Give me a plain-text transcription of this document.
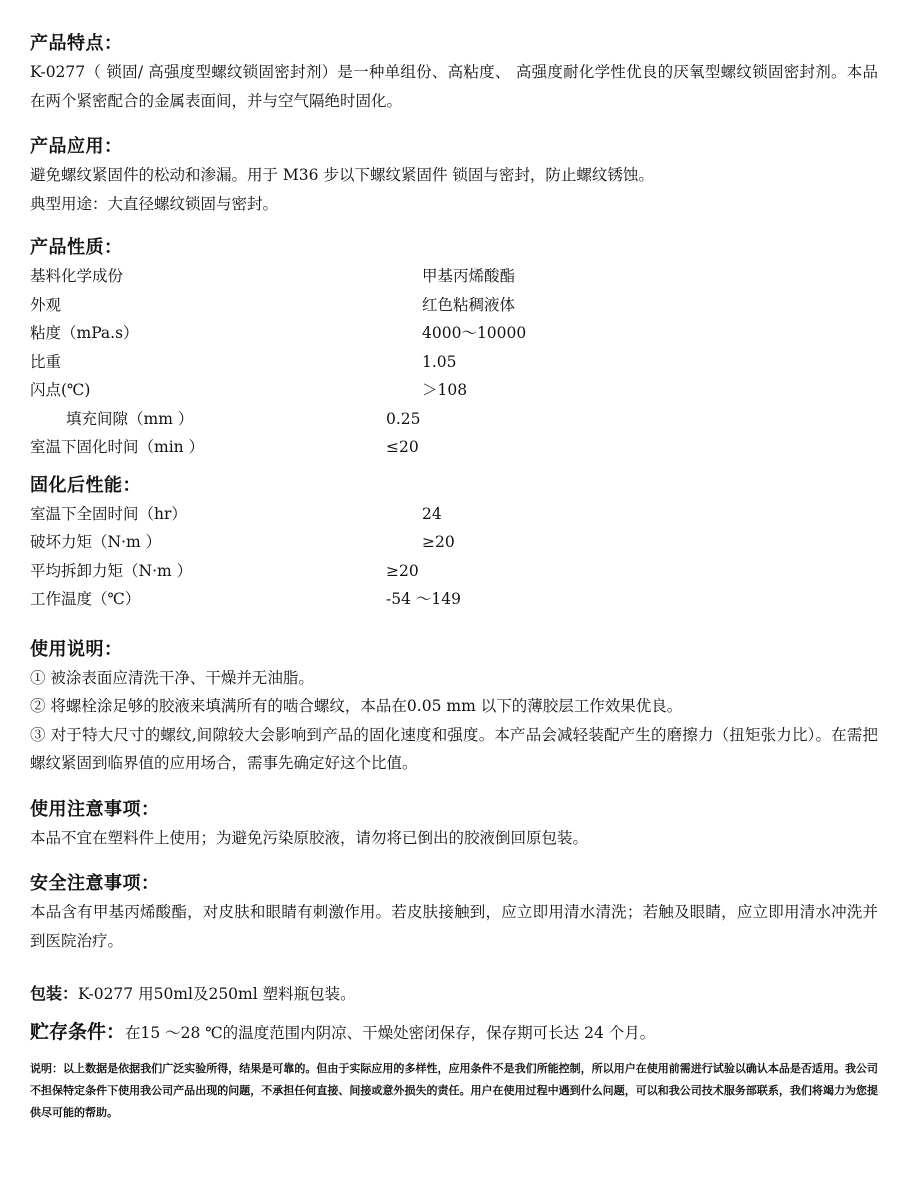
产品特点：

K-0277（ 锁固/ 高强度型螺纹锁固密封剂）是一种单组份、高粘度、 高强度耐化学性优良的厌氧型螺纹锁固密封剂。本品在两个紧密配合的金属表面间，并与空气隔绝时固化。

产品应用：

避免螺纹紧固件的松动和渗漏。用于 M36 步以下螺纹紧固件 锁固与密封，防止螺纹锈蚀。

典型用途：大直径螺纹锁固与密封。

产品性质：

基料化学成份	甲基丙烯酸酯
外观	红色粘稠液体
粘度（mPa.s）	4000～10000
比重	1.05
闪点(℃)	＞108
填充间隙（mm ）	0.25
室温下固化时间（min ）	≤20

固化后性能：

室温下全固时间（hr）	24
破坏力矩（N·m ）	≥20
平均拆卸力矩（N·m ）	≥20
工作温度（℃）	-54 ～149

使用说明：

① 被涂表面应清洗干净、干燥并无油脂。

② 将螺栓涂足够的胶液来填满所有的啮合螺纹，本品在0.05 mm 以下的薄胶层工作效果优良。

③ 对于特大尺寸的螺纹,间隙较大会影响到产品的固化速度和强度。本产品会减轻装配产生的磨擦力（扭矩张力比）。在需把螺纹紧固到临界值的应用场合，需事先确定好这个比值。

使用注意事项：

本品不宜在塑料件上使用；为避免污染原胶液，请勿将已倒出的胶液倒回原包装。

安全注意事项：

本品含有甲基丙烯酸酯，对皮肤和眼睛有刺激作用。若皮肤接触到，应立即用清水清洗；若触及眼睛，应立即用清水冲洗并到医院治疗。

包装：K-0277 用50ml及250ml 塑料瓶包装。

贮存条件：在15 ～28 ℃的温度范围内阴凉、干燥处密闭保存，保存期可长达 24 个月。

说明：以上数据是依据我们广泛实验所得，结果是可靠的。但由于实际应用的多样性，应用条件不是我们所能控制，所以用户在使用前需进行试验以确认本品是否适用。我公司不担保特定条件下使用我公司产品出现的问题，不承担任何直接、间接或意外损失的责任。用户在使用过程中遇到什么问题，可以和我公司技术服务部联系，我们将竭力为您提供尽可能的帮助。
